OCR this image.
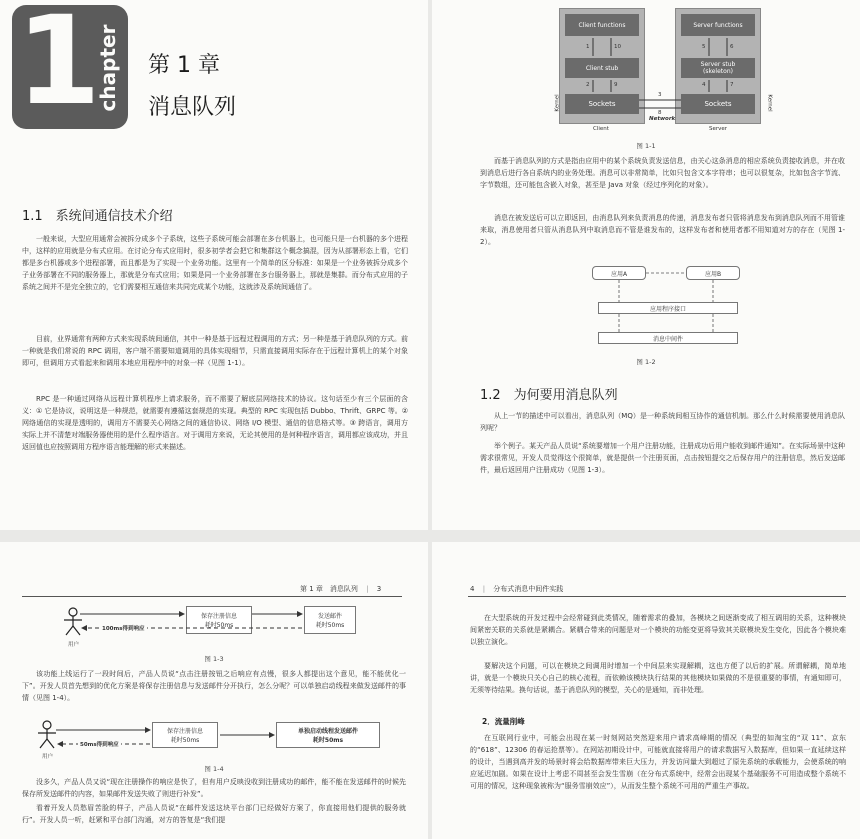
1
chapter 第 1 章
消息队列
1.1　系统间通信技术介绍

一般来说，大型应用通常会被拆分成多个子系统，这些子系统可能会部署在多台机器上，也可能只是一台机器的多个进程中，这样的应用就是分布式应用。在讨论分布式应用时，很多初学者会把它和集群这个概念搞混，因为从部署形态上看，它们都是多台机器或多个进程部署，而且都是为了实现一个业务功能。这里有一个简单的区分标准：如果是一个业务被拆分成多个子业务部署在不同的服务器上，那就是分布式应用；如果是同一个业务部署在多台服务器上，那就是集群。而分布式应用的子系统之间并不是完全独立的，它们需要相互通信来共同完成某个功能，这就涉及系统间通信了。

目前，业界通常有两种方式来实现系统间通信，其中一种是基于远程过程调用的方式；另一种是基于消息队列的方式。前一种就是我们常说的 RPC 调用，客户端不需要知道调用的具体实现细节，只需直接调用实际存在于远程计算机上的某个对象即可，但调用方式看起来和调用本地应用程序中的对象一样（见图 1-1）。

RPC 是一种通过网络从远程计算机程序上请求服务，而不需要了解底层网络技术的协议。这句话至少有三个层面的含义：① 它是协议，说明这是一种规范，就需要有遵循这套规范的实现。典型的 RPC 实现包括 Dubbo、Thrift、GRPC 等。② 网络通信的实现是透明的，调用方不需要关心网络之间的通信协议、网络 I/O 模型、通信的信息格式等。③ 跨语言，调用方实际上并不清楚对端服务器使用的是什么程序语言。对于调用方来说，无论其使用的是何种程序语言，调用都应该成功，并且返回值也应按照调用方程序语言能理解的形式来描述。

Client functions	Server functions
Client stub	Server stub
(skeleton)
Sockets	Sockets
1	10
2	9
3
8
4	7
5	6
Network
Kernel	Kernel
Client	Server
图 1-1

而基于消息队列的方式是指由应用中的某个系统负责发送信息，由关心这条消息的相应系统负责接收消息，并在收到消息后进行各自系统内的业务处理。消息可以非常简单，比如只包含文本字符串；也可以很复杂，比如包含字节流、字节数组，还可能包含嵌入对象，甚至是 Java 对象（经过序列化的对象）。

消息在被发送后可以立即返回，由消息队列来负责消息的传递，消息发布者只管将消息发布到消息队列而不用管谁来取，消息使用者只管从消息队列中取消息而不管是谁发布的，这样发布者和使用者都不用知道对方的存在（见图 1-2）。

应用A	应用B
应用程序接口
消息中间件
图 1-2
1.2　为何要用消息队列

从上一节的描述中可以看出，消息队列（MQ）是一种系统间相互协作的通信机制。那么什么时候需要使用消息队列呢？

举个例子。某天产品人员说“系统要增加一个用户注册功能，注册成功后用户能收到邮件通知”。在实际场景中这种需求很常见，开发人员觉得这个很简单，就是提供一个注册页面，点击按钮提交之后保存用户的注册信息，然后发送邮件，最后返回用户注册成功（见图 1-3）。

第 1 章　消息队列 | 3
用户
保存注册信息
耗时50ms
发送邮件
耗时50ms
100ms得到响应
图 1-3

该功能上线运行了一段时间后，产品人员说“点击注册按钮之后响应有点慢，很多人都提出这个意见，能不能优化一下”。开发人员首先想到的优化方案是将保存注册信息与发送邮件分开执行，怎么分呢？可以单独启动线程来做发送邮件的事情（见图 1-4）。

用户
保存注册信息
耗时50ms
单独启动线程发送邮件
耗时50ms
50ms得到响应
图 1-4

没多久，产品人员又说“现在注册操作的响应是快了，但有用户反映没收到注册成功的邮件，能不能在发送邮件的时候先保存所发送邮件的内容，如果邮件发送失败了则进行补发”。

看着开发人员愁眉苦脸的样子，产品人员说“在邮件发送这块平台部门已经做好方案了，你直接用他们提供的服务就行”。开发人员一听，赶紧和平台部门沟通，对方的答复是“我们提

4 | 分布式消息中间件实践

在大型系统的开发过程中会经常碰到此类情况，随着需求的叠加，各模块之间逐渐变成了相互调用的关系，这种模块间紧密关联的关系就是紧耦合。紧耦合带来的问题是对一个模块的功能变更将导致其关联模块发生变化，因此各个模块难以独立演化。

要解决这个问题，可以在模块之间调用时增加一个中间层来实现解耦，这也方便了以后的扩展。所谓解耦，简单地讲，就是一个模块只关心自己的核心流程，而依赖该模块执行结果的其他模块如果做的不是很重要的事情，有通知即可，无须等待结果。换句话说，基于消息队列的模型，关心的是通知，而非处理。

2．流量削峰

在互联网行业中，可能会出现在某一时刻网站突然迎来用户请求高峰期的情况（典型的如淘宝的“双 11”、京东的“618”、12306 的春运抢票等）。在网站初期设计中，可能就直接将用户的请求数据写入数据库，但如果一直延续这样的设计，当遇到高并发的场景时将会给数据库带来巨大压力，并发访问量大到超过了原先系统的承载能力，会使系统的响应延迟加剧。如果在设计上考虑不周甚至会发生雪崩（在分布式系统中，经常会出现某个基础服务不可用造成整个系统不可用的情况，这种现象被称为“服务雪崩效应”），从而发生整个系统不可用的严重生产事故。
